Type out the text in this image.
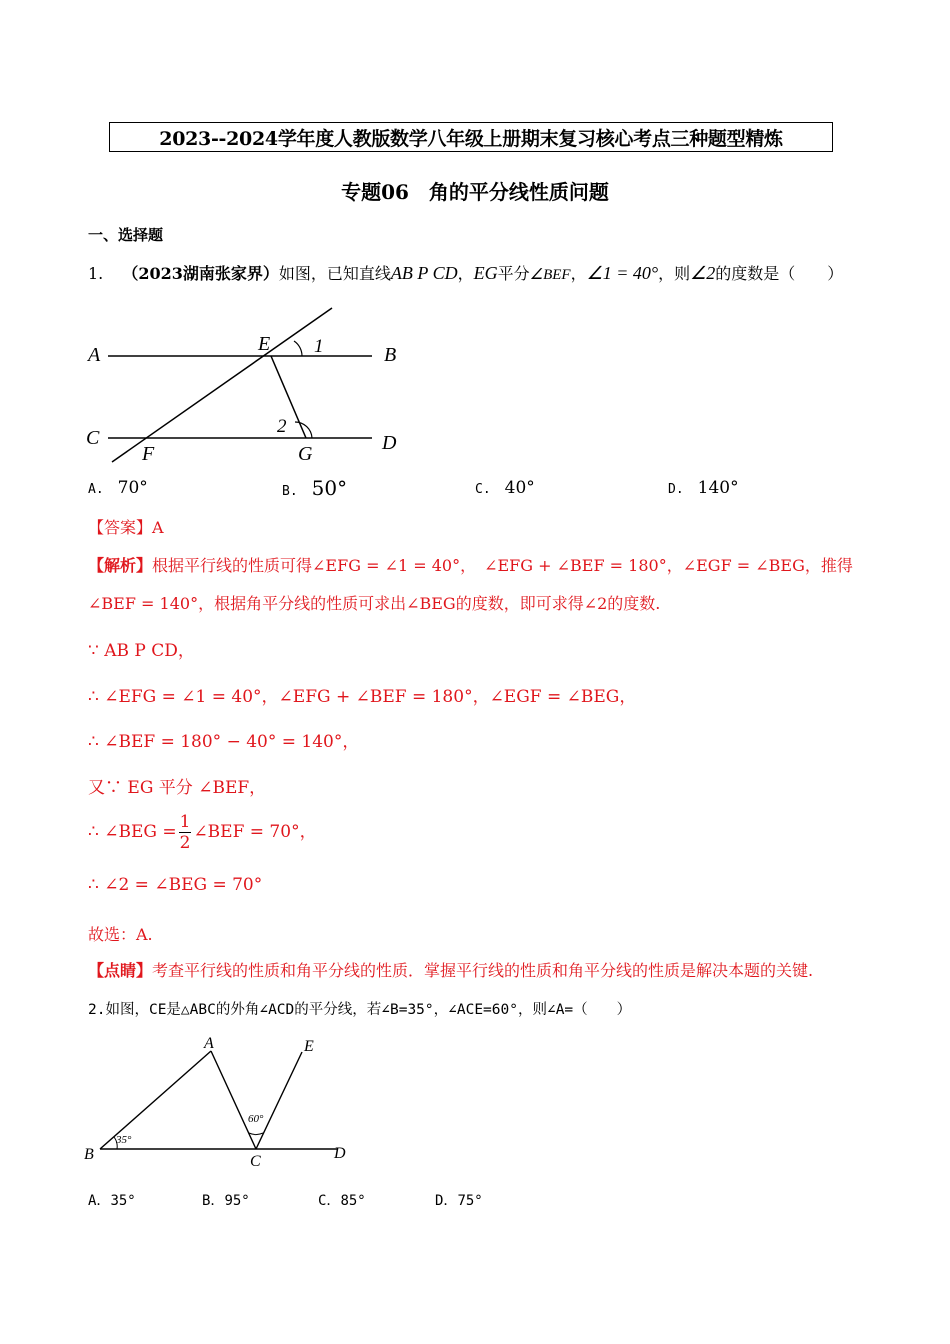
2023--2024学年度人教版数学八年级上册期末复习核心考点三种题型精炼
专题06　角的平分线性质问题
一、选择题
1. （2023湖南张家界）如图，已知直线AB P CD，EG平分∠BEF，∠1 = 40°，则∠2的度数是（　　）
A	B
C	D
E
F	G
1
2
A. 70°	B. 50°	C. 40°	D. 140°
【答案】A
【解析】根据平行线的性质可得∠EFG = ∠1 = 40°，　∠EFG + ∠BEF = 180°，∠EGF = ∠BEG，推得
∠BEF = 140°，根据角平分线的性质可求出∠BEG的度数，即可求得∠2的度数.
∵ AB P CD，
∴ ∠EFG = ∠1 = 40°，∠EFG + ∠BEF = 180°，∠EGF = ∠BEG，
∴ ∠BEF = 180° − 40° = 140°，
又∵ EG 平分 ∠BEF，
∴ ∠BEG = $\frac{1}{2}$ ∠BEF = 70°，
∴ ∠2 = ∠BEG = 70°
故选：A.
【点睛】考查平行线的性质和角平分线的性质．掌握平行线的性质和角平分线的性质是解决本题的关键.
2.如图，CE是△ABC的外角∠ACD的平分线，若∠B=35°，∠ACE=60°，则∠A=（　　）
A
B	C	D
E
35°
60°
A．35°	B．95°	C．85°	D．75°
